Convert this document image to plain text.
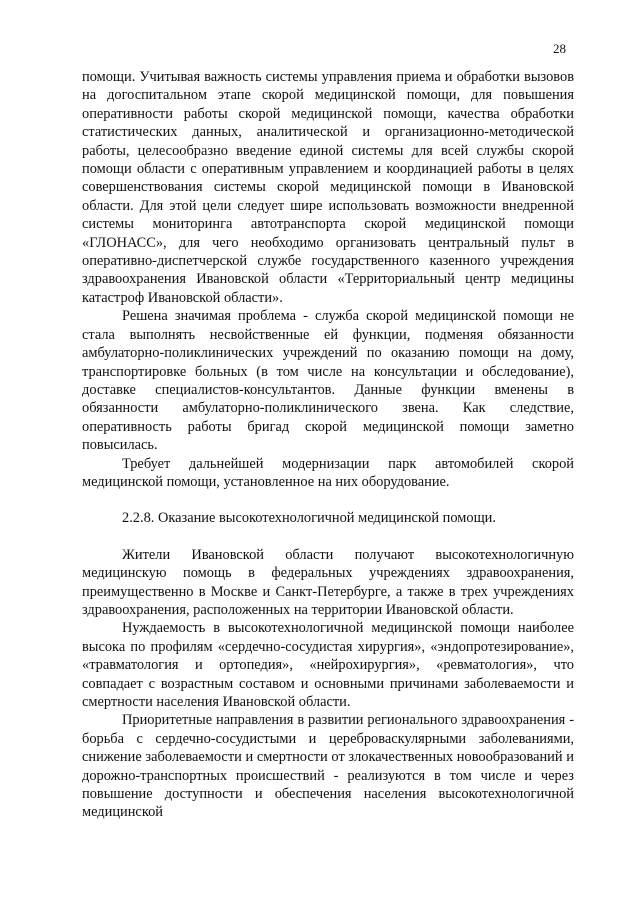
28

помощи. Учитывая важность системы управления приема и обработки вызовов на догоспитальном этапе скорой медицинской помощи, для повышения оперативности работы скорой медицинской помощи, качества обработки статистических данных, аналитической и организационно-методической работы, целесообразно введение единой системы для всей службы скорой помощи области с оперативным управлением и координацией работы в целях совершенствования системы скорой медицинской помощи в Ивановской области. Для этой цели следует шире использовать возможности внедренной системы мониторинга автотранспорта скорой медицинской помощи «ГЛОНАСС», для чего необходимо организовать центральный пульт в оперативно-диспетчерской службе государственного казенного учреждения здравоохранения Ивановской области «Территориальный центр медицины катастроф Ивановской области».

Решена значимая проблема - служба скорой медицинской помощи не стала выполнять несвойственные ей функции, подменяя обязанности амбулаторно-поликлинических учреждений по оказанию помощи на дому, транспортировке больных (в том числе на консультации и обследование), доставке специалистов-консультантов. Данные функции вменены в обязанности амбулаторно-поликлинического звена. Как следствие, оперативность работы бригад скорой медицинской помощи заметно повысилась.

Требует дальнейшей модернизации парк автомобилей скорой медицинской помощи, установленное на них оборудование.

2.2.8. Оказание высокотехнологичной медицинской помощи.

Жители Ивановской области получают высокотехнологичную медицинскую помощь в федеральных учреждениях здравоохранения, преимущественно в Москве и Санкт-Петербурге, а также в трех учреждениях здравоохранения, расположенных на территории Ивановской области.

Нуждаемость в высокотехнологичной медицинской помощи наиболее высока по профилям «сердечно-сосудистая хирургия», «эндопротезирование», «травматология и ортопедия», «нейрохирургия», «ревматология», что совпадает с возрастным составом и основными причинами заболеваемости и смертности населения Ивановской области.

Приоритетные направления в развитии регионального здравоохранения - борьба с сердечно-сосудистыми и цереброваскулярными заболеваниями, снижение заболеваемости и смертности от злокачественных новообразований и дорожно-транспортных происшествий - реализуются в том числе и через повышение доступности и обеспечения населения высокотехнологичной медицинской
